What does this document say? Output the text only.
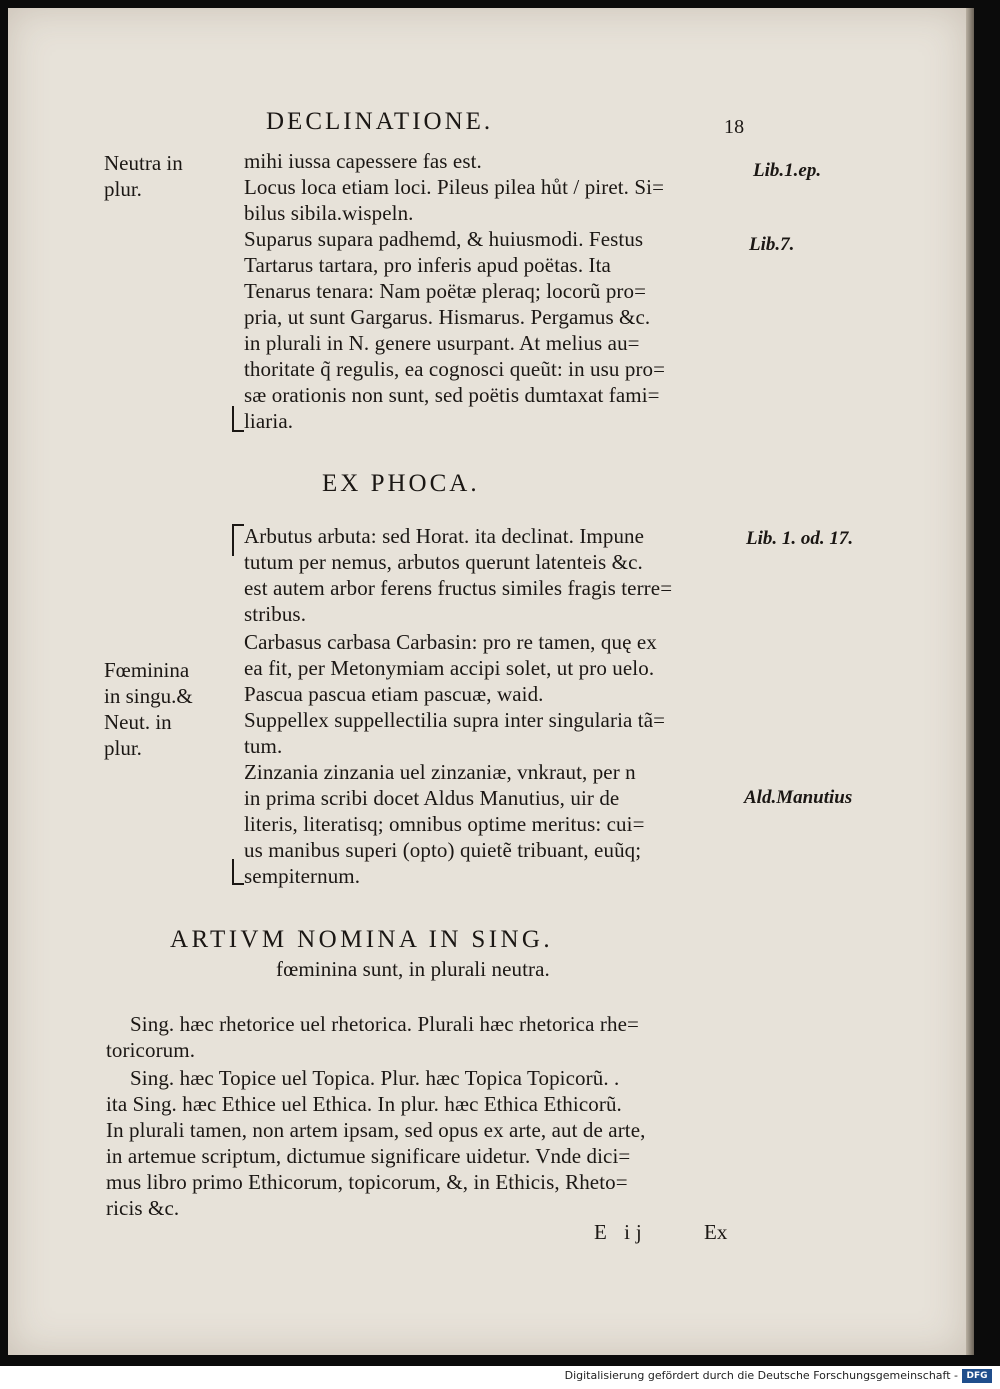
DECLINATIONE.	18
Neutra in
plur.
Lib.1.ep.
Lib.7.
mihi iussa capessere fas est.
Locus loca etiam loci. Pileus pilea hůt / piret. Si=
bilus sibila.wispeln.
Suparus supara padhemd, & huiusmodi. Festus
Tartarus tartara, pro inferis apud poëtas. Ita
Tenarus tenara: Nam poëtæ pleraq; locorũ pro=
pria, ut sunt Gargarus. Hismarus. Pergamus &c.
in plurali in N. genere usurpant. At melius au=
thoritate q̃ regulis, ea cognosci queũt: in usu pro=
sæ orationis non sunt, sed poëtis dumtaxat fami=
liaria.
EX PHOCA.
Arbutus arbuta: sed Horat. ita declinat. Impune
tutum per nemus, arbutos querunt latenteis &c.
est autem arbor ferens fructus similes fragis terre=
stribus.
Carbasus carbasa Carbasin: pro re tamen, quę ex
ea fit, per Metonymiam accipi solet, ut pro uelo.
Pascua pascua etiam pascuæ, waid.
Suppellex suppellectilia supra inter singularia tã=
tum.
Zinzania zinzania uel zinzaniæ, vnkraut, per n
in prima scribi docet Aldus Manutius, uir de
literis, literatisq; omnibus optime meritus: cui=
us manibus superi (opto) quietẽ tribuant, euũq;
sempiternum.
Fœminina
in singu.&
Neut. in
plur.
Lib. 1. od. 17.
Ald.Manutius
ARTIVM NOMINA IN SING.
fœminina sunt, in plurali neutra.
Sing. hæc rhetorice uel rhetorica. Plurali hæc rhetorica rhe=
toricorum.
Sing. hæc Topice uel Topica. Plur. hæc Topica Topicorũ. .
ita Sing. hæc Ethice uel Ethica. In plur. hæc Ethica Ethicorũ.
In plurali tamen, non artem ipsam, sed opus ex arte, aut de arte,
in artemue scriptum, dictumue significare uidetur. Vnde dici=
mus libro primo Ethicorum, topicorum, &, in Ethicis, Rheto=
ricis &c.
E ij	Ex
Digitalisierung gefördert durch die Deutsche Forschungsgemeinschaft - DFG
